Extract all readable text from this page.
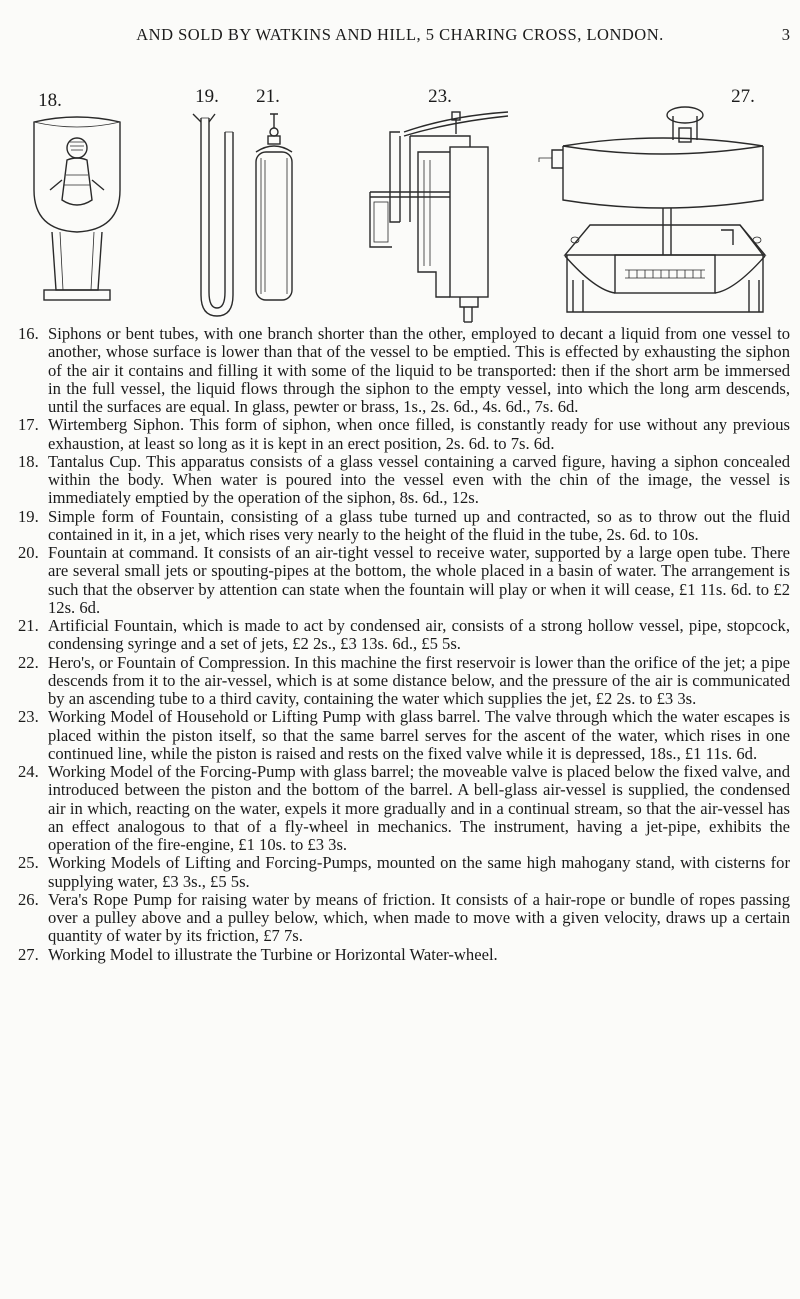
AND SOLD BY WATKINS AND HILL, 5 CHARING CROSS, LONDON.	3
18.	19.	21.	23.	27.

16. Siphons or bent tubes, with one branch shorter than the other, employed to decant a liquid from one vessel to another, whose surface is lower than that of the vessel to be emptied. This is effected by exhausting the siphon of the air it contains and filling it with some of the liquid to be transported: then if the short arm be immersed in the full vessel, the liquid flows through the siphon to the empty vessel, into which the long arm descends, until the surfaces are equal. In glass, pewter or brass, 1s., 2s. 6d., 4s. 6d., 7s. 6d.

17. Wirtemberg Siphon. This form of siphon, when once filled, is constantly ready for use without any previous exhaustion, at least so long as it is kept in an erect position, 2s. 6d. to 7s. 6d.

18. Tantalus Cup. This apparatus consists of a glass vessel containing a carved figure, having a siphon concealed within the body. When water is poured into the vessel even with the chin of the image, the vessel is immediately emptied by the operation of the siphon, 8s. 6d., 12s.

19. Simple form of Fountain, consisting of a glass tube turned up and contracted, so as to throw out the fluid contained in it, in a jet, which rises very nearly to the height of the fluid in the tube, 2s. 6d. to 10s.

20. Fountain at command. It consists of an air-tight vessel to receive water, supported by a large open tube. There are several small jets or spouting-pipes at the bottom, the whole placed in a basin of water. The arrangement is such that the observer by attention can state when the fountain will play or when it will cease, £1 11s. 6d. to £2 12s. 6d.

21. Artificial Fountain, which is made to act by condensed air, consists of a strong hollow vessel, pipe, stopcock, condensing syringe and a set of jets, £2 2s., £3 13s. 6d., £5 5s.

22. Hero's, or Fountain of Compression. In this machine the first reservoir is lower than the orifice of the jet; a pipe descends from it to the air-vessel, which is at some distance below, and the pressure of the air is communicated by an ascending tube to a third cavity, containing the water which supplies the jet, £2 2s. to £3 3s.

23. Working Model of Household or Lifting Pump with glass barrel. The valve through which the water escapes is placed within the piston itself, so that the same barrel serves for the ascent of the water, which rises in one continued line, while the piston is raised and rests on the fixed valve while it is depressed, 18s., £1 11s. 6d.

24. Working Model of the Forcing-Pump with glass barrel; the moveable valve is placed below the fixed valve, and introduced between the piston and the bottom of the barrel. A bell-glass air-vessel is supplied, the condensed air in which, reacting on the water, expels it more gradually and in a continual stream, so that the air-vessel has an effect analogous to that of a fly-wheel in mechanics. The instrument, having a jet-pipe, exhibits the operation of the fire-engine, £1 10s. to £3 3s.

25. Working Models of Lifting and Forcing-Pumps, mounted on the same high mahogany stand, with cisterns for supplying water, £3 3s., £5 5s.

26. Vera's Rope Pump for raising water by means of friction. It consists of a hair-rope or bundle of ropes passing over a pulley above and a pulley below, which, when made to move with a given velocity, draws up a certain quantity of water by its friction, £7 7s.

27. Working Model to illustrate the Turbine or Horizontal Water-wheel.
